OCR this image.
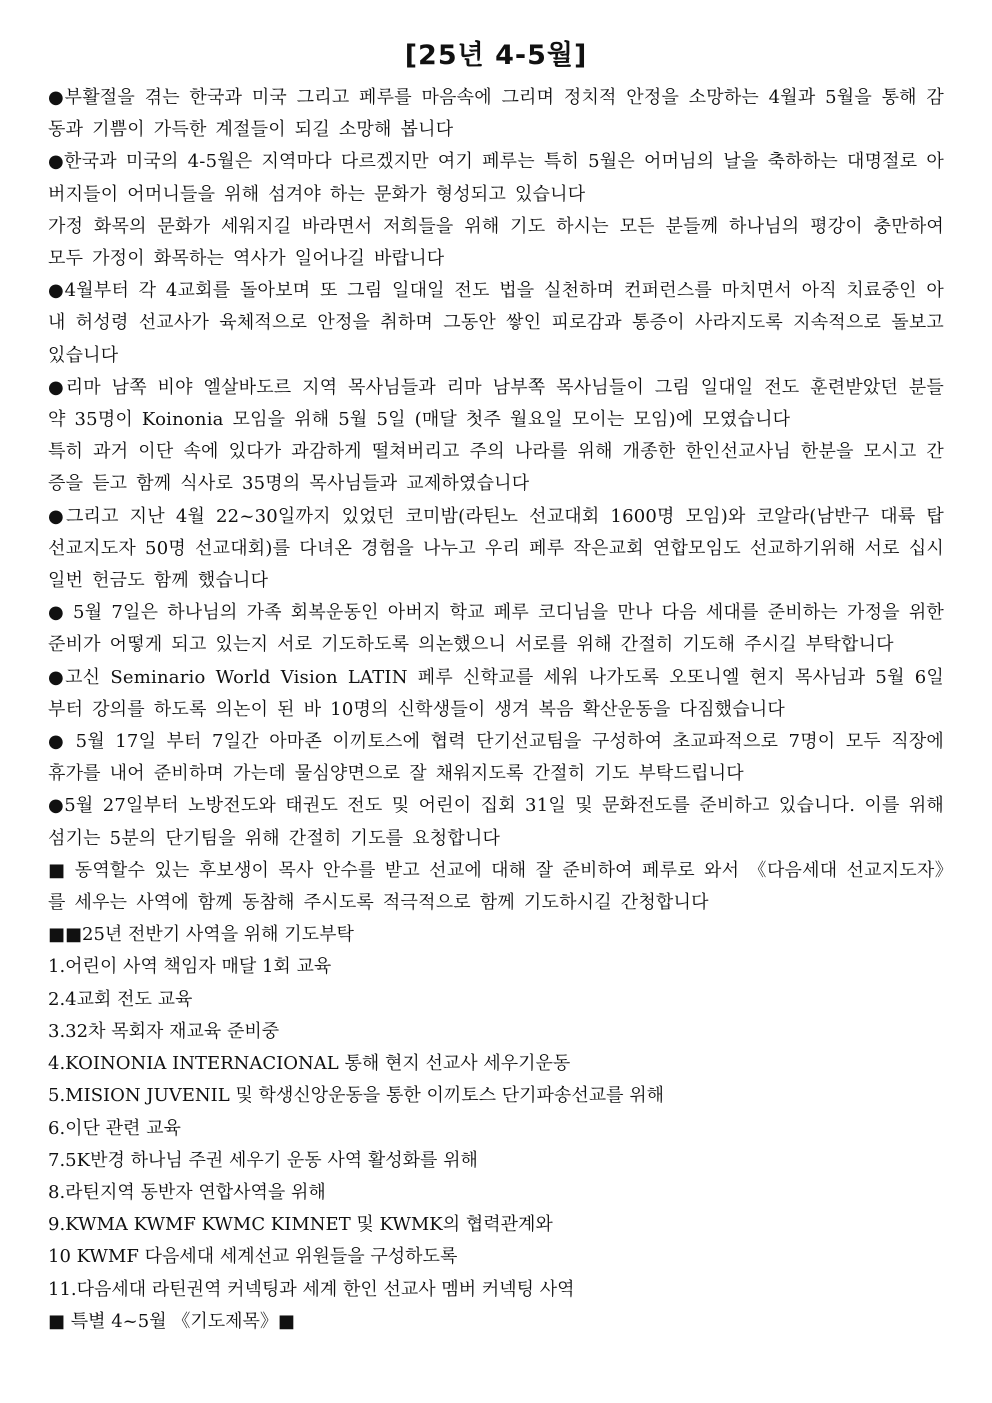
[25년 4-5월]

●부활절을 겪는 한국과 미국 그리고 페루를 마음속에 그리며 정치적 안정을 소망하는 4월과 5월을 통해 감동과 기쁨이 가득한 계절들이 되길 소망해 봅니다

●한국과 미국의 4-5월은 지역마다 다르겠지만 여기 페루는 특히 5월은 어머님의 날을 축하하는 대명절로 아버지들이 어머니들을 위해 섬겨야 하는 문화가 형성되고 있습니다

가정 화목의 문화가 세워지길 바라면서 저희들을 위해 기도 하시는 모든 분들께 하나님의 평강이 충만하여 모두 가정이 화목하는 역사가 일어나길 바랍니다

●4월부터 각 4교회를 돌아보며 또 그림 일대일 전도 법을 실천하며 컨퍼런스를 마치면서 아직 치료중인 아내 허성령 선교사가 육체적으로 안정을 취하며 그동안 쌓인 피로감과 통증이 사라지도록 지속적으로 돌보고 있습니다

●리마 남쪽 비야 엘살바도르 지역 목사님들과 리마 남부쪽 목사님들이 그림 일대일 전도 훈련받았던 분들 약 35명이 Koinonia 모임을 위해 5월 5일 (매달 첫주 월요일 모이는 모임)에 모였습니다

특히 과거 이단 속에 있다가 과감하게 떨쳐버리고 주의 나라를 위해 개종한 한인선교사님 한분을 모시고 간증을 듣고 함께 식사로 35명의 목사님들과 교제하였습니다

●그리고 지난 4월 22~30일까지 있었던 코미밤(라틴노 선교대회 1600명 모임)와 코알라(남반구 대륙 탑 선교지도자 50명 선교대회)를 다녀온 경험을 나누고 우리 페루 작은교회 연합모임도 선교하기위해 서로 십시일번 헌금도 함께 했습니다

● 5월 7일은 하나님의 가족 회복운동인 아버지 학교 페루 코디님을 만나 다음 세대를 준비하는 가정을 위한 준비가 어떻게 되고 있는지 서로 기도하도록 의논했으니 서로를 위해 간절히 기도해 주시길 부탁합니다

●고신 Seminario World Vision LATIN 페루 신학교를 세워 나가도록 오또니엘 현지 목사님과 5월 6일부터 강의를 하도록 의논이 된 바 10명의 신학생들이 생겨 복음 확산운동을 다짐했습니다

● 5월 17일 부터 7일간 아마존 이끼토스에 협력 단기선교팀을 구성하여 초교파적으로 7명이 모두 직장에 휴가를 내어 준비하며 가는데 물심양면으로 잘 채워지도록 간절히 기도 부탁드립니다

●5월 27일부터 노방전도와 태권도 전도 및 어린이 집회 31일 및 문화전도를 준비하고 있습니다. 이를 위해 섬기는 5분의 단기팀을 위해 간절히 기도를 요청합니다

■ 동역할수 있는 후보생이 목사 안수를 받고 선교에 대해 잘 준비하여 페루로 와서 《다음세대 선교지도자》를 세우는 사역에 함께 동참해 주시도록 적극적으로 함께 기도하시길 간청합니다

■■25년 전반기 사역을 위해 기도부탁

1.어린이 사역 책임자 매달 1회 교육

2.4교회 전도 교육

3.32차 목회자 재교육 준비중

4.KOINONIA INTERNACIONAL 통해 현지 선교사 세우기운동

5.MISION JUVENIL 및 학생신앙운동을 통한 이끼토스 단기파송선교를 위해

6.이단 관련 교육

7.5K반경 하나님 주권 세우기 운동 사역 활성화를 위해

8.라틴지역 동반자 연합사역을 위해

9.KWMA KWMF KWMC KIMNET 및 KWMK의 협력관계와

10 KWMF 다음세대 세계선교 위원들을 구성하도록

11.다음세대 라틴권역 커넥팅과 세계 한인 선교사 멤버 커넥팅 사역

■ 특별 4~5월 《기도제목》■
